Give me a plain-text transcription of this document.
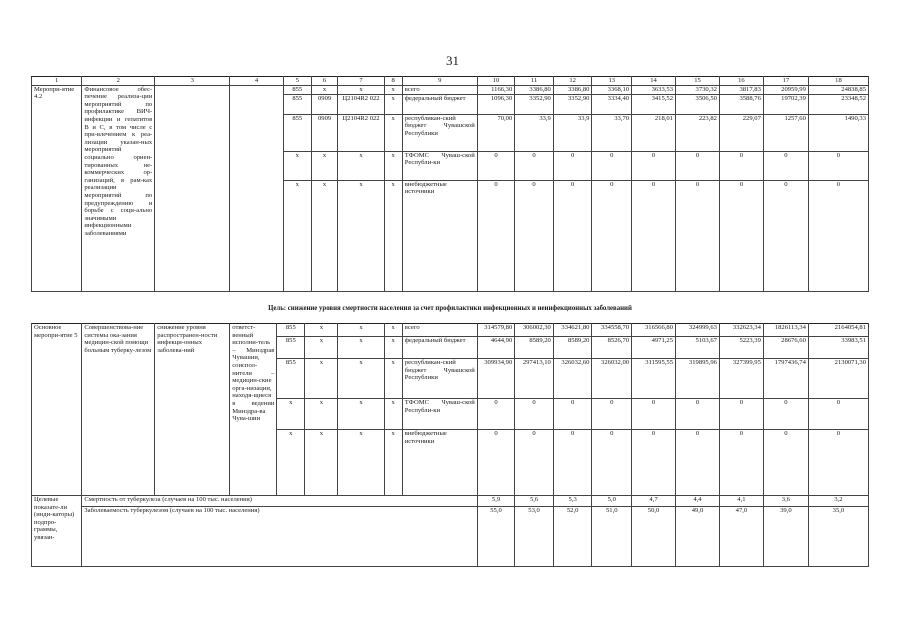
31
1	2	3	4	5	6	7	8	9	10	11	12	13	14	15	16	17	18
Меропри-ятие 4.2	Финансовое обес-печение реализа-ции мероприятий по профилактике ВИЧ-инфекции и гепатитов В и С, в том числе с при-влечением к реа-лизации указан-ных мероприятий социально ориен-тированных не-коммерческих ор-ганизаций, в рам-ках реализации мероприятий по предупреждению и борьбе с соци-ально значимыми инфекционными заболеваниями			855	x	x	x	всего	1166,30	3386,80	3386,80	3368,10	3633,53	3730,32	3817,83	20959,99	24838,85
				855	0909	Ц2104R2 022	x	федеральный бюджет	1096,30	3352,90	3352,90	3334,40	3415,52	3506,50	3588,76	19702,39	23348,52
				855	0909	Ц2104R2 022	x	республикан-ский бюджет Чувашской Республики	70,00	33,9	33,9	33,70	218,01	223,82	229,07	1257,60	1490,33
				x	x	x	x	ТФОМС Чуваш-ской Республи-ки	0	0	0	0	0	0	0	0	0
				x	x	x	x	внебюджетные источники	0	0	0	0	0	0	0	0	0
Цель: снижение уровня смертности населения за счет профилактики инфекционных и неинфекционных заболеваний
Основное меропри-ятие 5	Совершенствова-ние системы ока-зания медицин-ской помощи больным туберку-лезом	снижение уровня распространен-ности инфекци-онных заболева-ний	ответст-венный исполни-тель – Минздрав Чувашии, соиспол-нители – медицин-ские орга-низации, находя-щиеся в ведении Минздра-ва Чува-шии	855	x	x	x	всего	314579,80	306002,30	334621,80	334558,70	316566,80	324999,63	332623,34	1826113,34	2164054,81
				855	x	x	x	федеральный бюджет	4644,90	8589,20	8589,20	8526,70	4971,25	5103,67	5223,39	28676,60	33983,51
				855	x	x	x	республикан-ский бюджет Чувашской Республики	309934,90	297413,10	326032,60	326032,00	311595,55	319895,96	327399,95	1797436,74	2130071,30
				x	x	x	x	ТФОМС Чуваш-ской Республи-ки	0	0	0	0	0	0	0	0	0
				x	x	x	x	внебюджетные источники	0	0	0	0	0	0	0	0	0
Целевые показате-ли (инди-каторы) подпро-граммы, увязан-	Смертность от туберкулеза (случаев на 100 тыс. населения)								5,9	5,6	5,3	5,0	4,7	4,4	4,1	3,6	3,2
	Заболеваемость туберкулезом (случаев на 100 тыс. населения)								55,0	53,0	52,0	51,0	50,0	49,0	47,0	39,0	35,0
